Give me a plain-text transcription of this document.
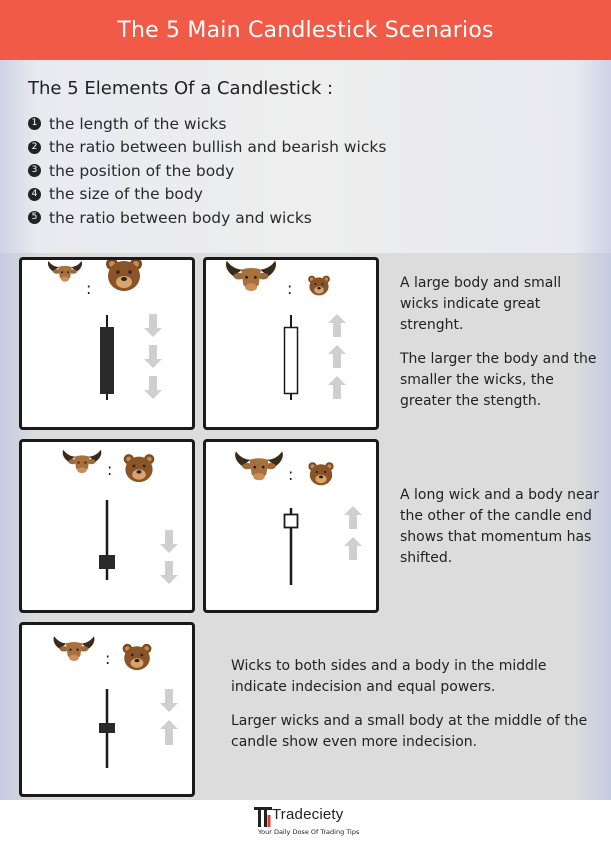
The 5 Main Candlestick Scenarios
The 5 Elements Of a Candlestick :
1 the length of the wicks
2 the ratio between bullish and bearish wicks
3 the position of the body
4 the size of the body
5 the ratio between body and wicks
:	:	A large body and small wicks indicate great strenght.

The larger the body and the smaller the wicks, the greater the stength.

:	:

A long wick and a body near the other of the candle end shows that momentum has shifted.

:	Wicks to both sides and a body in the middle indicate indecision and equal powers.

Larger wicks and a small body at the middle of the candle show even more indecision.

Tradeciety
Your Daily Dose Of Trading Tips
